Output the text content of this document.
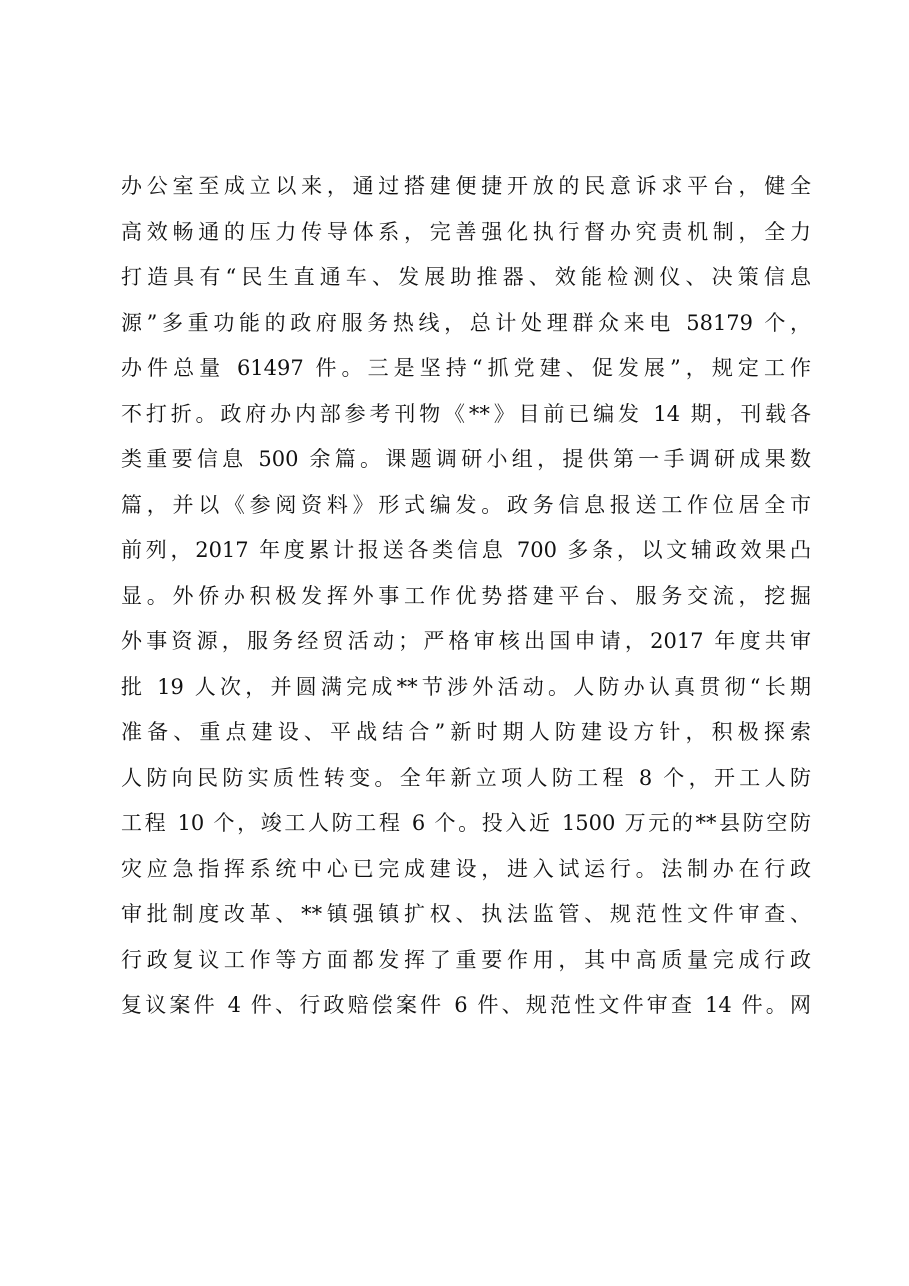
办公室至成立以来，通过搭建便捷开放的民意诉求平台，健全
高效畅通的压力传导体系，完善强化执行督办究责机制，全力
打造具有“民生直通车、发展助推器、效能检测仪、决策信息
源”多重功能的政府服务热线，总计处理群众来电 58179 个，
办件总量 61497 件。三是坚持“抓党建、促发展”，规定工作
不打折。政府办内部参考刊物《**》目前已编发 14 期，刊载各
类重要信息 500 余篇。课题调研小组，提供第一手调研成果数
篇，并以《参阅资料》形式编发。政务信息报送工作位居全市
前列，2017 年度累计报送各类信息 700 多条，以文辅政效果凸
显。外侨办积极发挥外事工作优势搭建平台、服务交流，挖掘
外事资源，服务经贸活动；严格审核出国申请，2017 年度共审
批 19 人次，并圆满完成**节涉外活动。人防办认真贯彻“长期
准备、重点建设、平战结合”新时期人防建设方针，积极探索
人防向民防实质性转变。全年新立项人防工程 8 个，开工人防
工程 10 个，竣工人防工程 6 个。投入近 1500 万元的**县防空防
灾应急指挥系统中心已完成建设，进入试运行。法制办在行政
审批制度改革、**镇强镇扩权、执法监管、规范性文件审查、
行政复议工作等方面都发挥了重要作用，其中高质量完成行政
复议案件 4 件、行政赔偿案件 6 件、规范性文件审查 14 件。网
